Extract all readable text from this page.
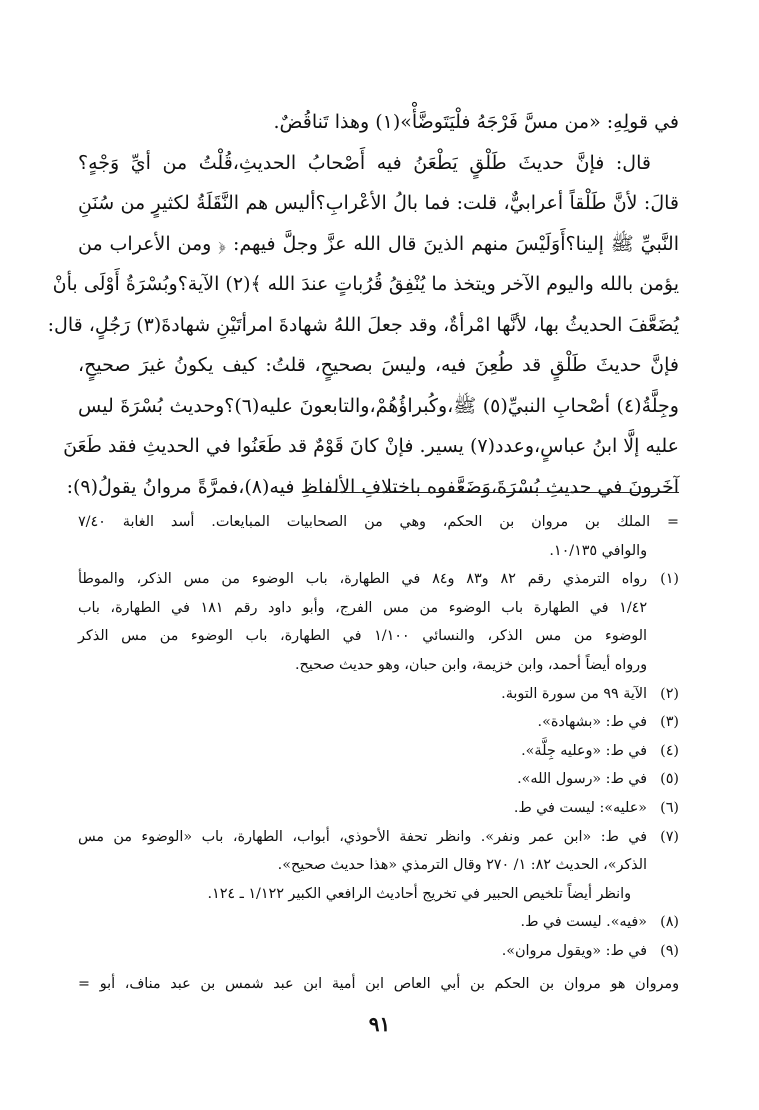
في قولِهِ: «من مسَّ فَرْجَهُ فلْيَتَوضَّأْ»(١) وهذا تَناقُضٌ.
قال: فإنَّ حديثَ طَلْقٍ يَطْعَنُ فيه أَصْحابُ الحديثِ،قُلْتُ من أيِّ وَجْهٍ؟
قالَ: لأنَّ طَلْقاً أعرابيٌّ، قلت: فما بالُ الأعْرابِ؟أليس هم النَّقَلَةُ لكثيرٍ من سُنَنِ
النَّبيِّ ﷺ إلينا؟أَوَلَيْسَ منهم الذينَ قال الله عزَّ وجلَّ فيهم: ﴿ ومن الأعراب من
يؤمن بالله واليوم الآخر ويتخذ ما يُنْفِقُ قُرُباتٍ عندَ الله ﴾(٢) الآية؟وبُسْرَةُ أَوْلَى بأنْ
يُضَعَّفَ الحديثُ بها، لأنَّها امْرأةٌ، وقد جعلَ اللهُ شهادةَ امرأتَيْنِ شهادةَ(٣) رَجُلٍ، قال:
فإنَّ حديثَ طَلْقٍ قد طُعِنَ فيه، وليسَ بصحيحٍ، قلتُ: كيف يكونُ غيرَ صحيحٍ،
وجِلَّةُ(٤) أصْحابِ النبيِّ(٥) ﷺ،وكُبراؤُهُمْ،والتابعونَ عليه(٦)؟وحديث بُسْرَةَ ليس
عليه إلَّا ابنُ عباسٍ،وعدد(٧) يسير. فإنْ كانَ قَوْمٌ قد طَعَنُوا في الحديثِ فقد طَعَنَ
آخَرونَ في حديثِ بُسْرَةَ،وَضَعَّفوه باختلافِ الألفاظِ فيه(٨)،فمرَّةً مروانُ يقولُ(٩):
= الملك بن مروان بن الحكم، وهي من الصحابيات المبايعات. أسد الغابة ٧/٤٠
والوافي ١٠/١٣٥.
(١)
رواه الترمذي رقم ٨٢ و٨٣ و٨٤ في الطهارة، باب الوضوء من مس الذكر، والموطأ
١/٤٢ في الطهارة باب الوضوء من مس الفرج، وأبو داود رقم ١٨١ في الطهارة، باب
الوضوء من مس الذكر، والنسائي ١/١٠٠ في الطهارة، باب الوضوء من مس الذكر
ورواه أيضاً أحمد، وابن خزيمة، وابن حبان، وهو حديث صحيح.
(٢)
الآية ٩٩ من سورة التوبة.
(٣)
في ط: «بشهادة».
(٤)
في ط: «وعليه جِلَّة».
(٥)
في ط: «رسول الله».
(٦)
«عليه»: ليست في ط.
(٧)
في ط: «ابن عمر ونفر». وانظر تحفة الأحوذي، أبواب، الطهارة، باب «الوضوء من مس
الذكر»، الحديث ٨٢: ١/ ٢٧٠ وقال الترمذي «هذا حديث صحيح».
وانظر أيضاً تلخيص الحبير في تخريج أحاديث الرافعي الكبير ١/١٢٢ ـ ١٢٤.
(٨)
«فيه». ليست في ط.
(٩)
في ط: «ويقول مروان».
ومروان هو مروان بن الحكم بن أبي العاص ابن أمية ابن عبد شمس بن عبد مناف، أبو =
٩١
